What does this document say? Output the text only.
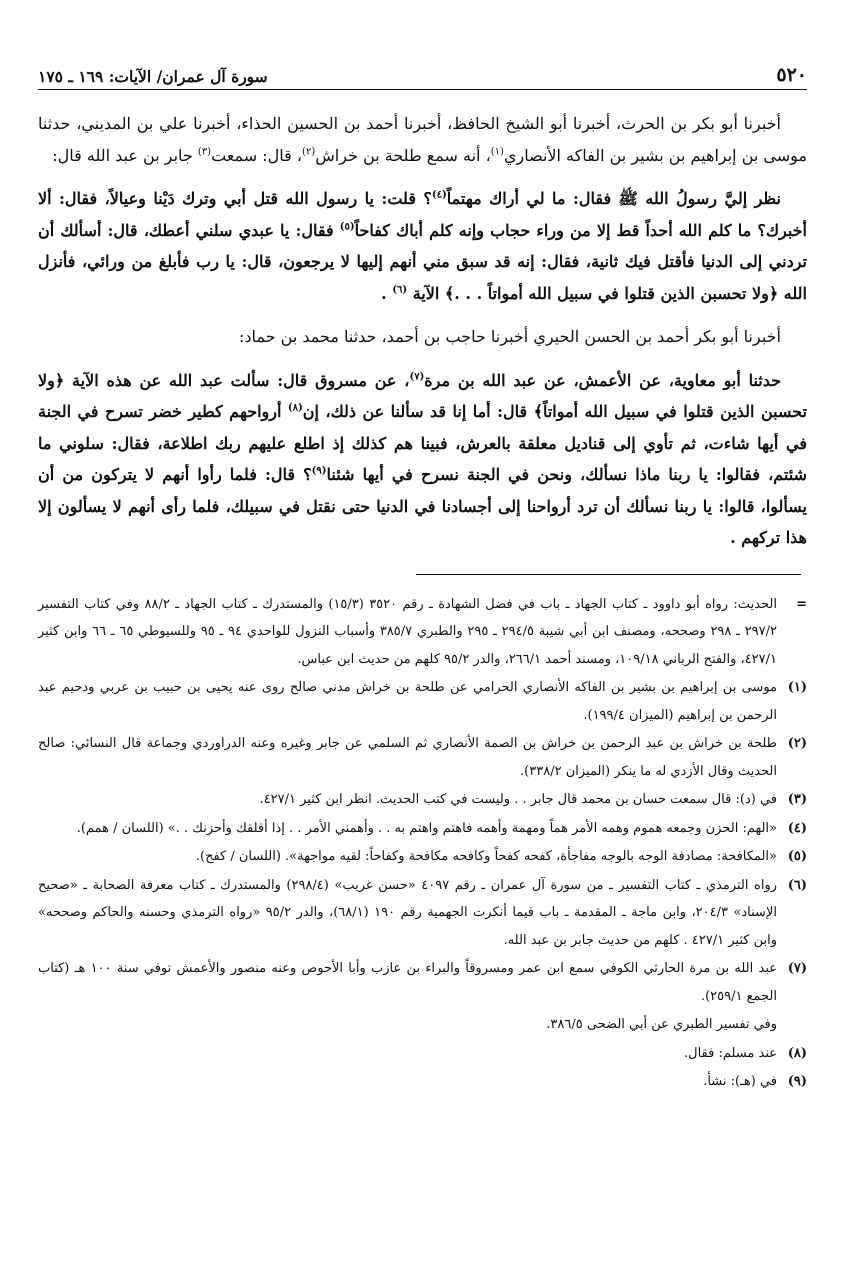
٥٢٠
سورة آل عمران/ الآيات: ١٦٩ ـ ١٧٥

أخبرنا أبو بكر بن الحرث، أخبرنا أبو الشيخ الحافظ، أخبرنا أحمد بن الحسين الحذاء، أخبرنا علي بن المديني، حدثنا موسى بن إبراهيم بن بشير بن الفاكه الأنصاري$^{(١)}$، أنه سمع طلحة بن خراش$^{(٢)}$، قال: سمعت$^{(٣)}$ جابر بن عبد الله قال:

نظر إليَّ رسولُ الله ﷺ فقال: ما لي أراك مهتماً$^{(٤)}$؟ قلت: يا رسول الله قتل أبي وترك دَيْنا وعيالاً، فقال: ألا أخبرك؟ ما كلم الله أحداً قط إلا من وراء حجاب وإنه كلم أباك كفاحاً$^{(٥)}$ فقال: يا عبدي سلني أعطك، قال: أسألك أن تردني إلى الدنيا فأقتل فيك ثانية، فقال: إنه قد سبق مني أنهم إليها لا يرجعون، قال: يا رب فأبلغ من ورائي، فأنزل الله ﴿ولا تحسبن الذين قتلوا في سبيل الله أمواتاً . . .﴾ الآية $^{(٦)}$ .

أخبرنا أبو بكر أحمد بن الحسن الحيري أخبرنا حاجب بن أحمد، حدثنا محمد بن حماد:

حدثنا أبو معاوية، عن الأعمش، عن عبد الله بن مرة$^{(٧)}$، عن مسروق قال: سألت عبد الله عن هذه الآية ﴿ولا تحسبن الذين قتلوا في سبيل الله أمواتاً﴾ قال: أما إنا قد سألنا عن ذلك، إن$^{(٨)}$ أرواحهم كطير خضر تسرح في الجنة في أيها شاءت، ثم تأوي إلى قناديل معلقة بالعرش، فبينا هم كذلك إذ اطلع عليهم ربك اطلاعة، فقال: سلوني ما شئتم، فقالوا: يا ربنا ماذا نسألك، ونحن في الجنة نسرح في أيها شئنا$^{(٩)}$؟ قال: فلما رأوا أنهم لا يتركون من أن يسألوا، قالوا: يا ربنا نسألك أن ترد أرواحنا إلى أجسادنا في الدنيا حتى نقتل في سبيلك، فلما رأى أنهم لا يسألون إلا هذا تركهم .

=
الحديث: رواه أبو داوود ـ كتاب الجهاد ـ باب في فضل الشهادة ـ رقم ٣٥٢٠ (١٥/٣) والمستدرك ـ كتاب الجهاد ـ ٨٨/٢ وفي كتاب التفسير ٢٩٧/٢ ـ ٢٩٨ وصححه، ومصنف ابن أبي شيبة ٢٩٤/٥ ـ ٢٩٥ والطبري ٣٨٥/٧ وأسباب النزول للواحدي ٩٤ ـ ٩٥ وللسيوطي ٦٥ ـ ٦٦ وابن كثير ٤٢٧/١، والفتح الرباني ١٠٩/١٨، ومسند أحمد ٢٦٦/١، والدر ٩٥/٢ كلهم من حديث ابن عباس.
(١)
موسى بن إبراهيم بن بشير بن الفاكه الأنصاري الحرامي عن طلحة بن خراش مدني صالح روى عنه يحيى بن حبيب بن عربي ودحيم عبد الرحمن بن إبراهيم (الميزان ١٩٩/٤).
(٢)
طلحة بن خراش بن عبد الرحمن بن خراش بن الصمة الأنصاري ثم السلمي عن جابر وغيره وعنه الدراوردي وجماعة قال النسائي: صالح الحديث وقال الأزدي له ما ينكر (الميزان ٣٣٨/٢).
(٣)
في (د): قال سمعت حسان بن محمد قال جابر . . وليست في كتب الحديث. انظر ابن كثير ٤٢٧/١.
(٤)
«الهم: الحزن وجمعه هموم وهمه الأمر هماً ومهمة وأهمه فاهتم واهتم به . . وأهمني الأمر . . إذا أقلقك وأحزنك . .» (اللسان / همم).
(٥)
«المكافحة: مصادفة الوجه بالوجه مفاجأة، كفحه كفحاً وكافحه مكافحة وكفاحاً: لقيه مواجهة». (اللسان / كفح).
(٦)
رواه الترمذي ـ كتاب التفسير ـ من سورة آل عمران ـ رقم ٤٠٩٧ «حسن غريب» (٢٩٨/٤) والمستدرك ـ كتاب معرفة الصحابة ـ «صحيح الإسناد» ٢٠٤/٣، وابن ماجة ـ المقدمة ـ باب فيما أنكرت الجهمية رقم ١٩٠ (٦٨/١)، والدر ٩٥/٢ «رواه الترمذي وحسنه والحاكم وصححه» وابن كثير ٤٢٧/١ . كلهم من حديث جابر بن عبد الله.
(٧)
عبد الله بن مرة الحارثي الكوفي سمع ابن عمر ومسروقاً والبراء بن عازب وأبا الأحوص وعنه منصور والأعمش توفي سنة ١٠٠ هـ (كتاب الجمع ٢٥٩/١).
وفي تفسير الطبري عن أبي الضحى ٣٨٦/٥.
(٨)
عند مسلم: فقال.
(٩)
في (هـ): نشأ.
